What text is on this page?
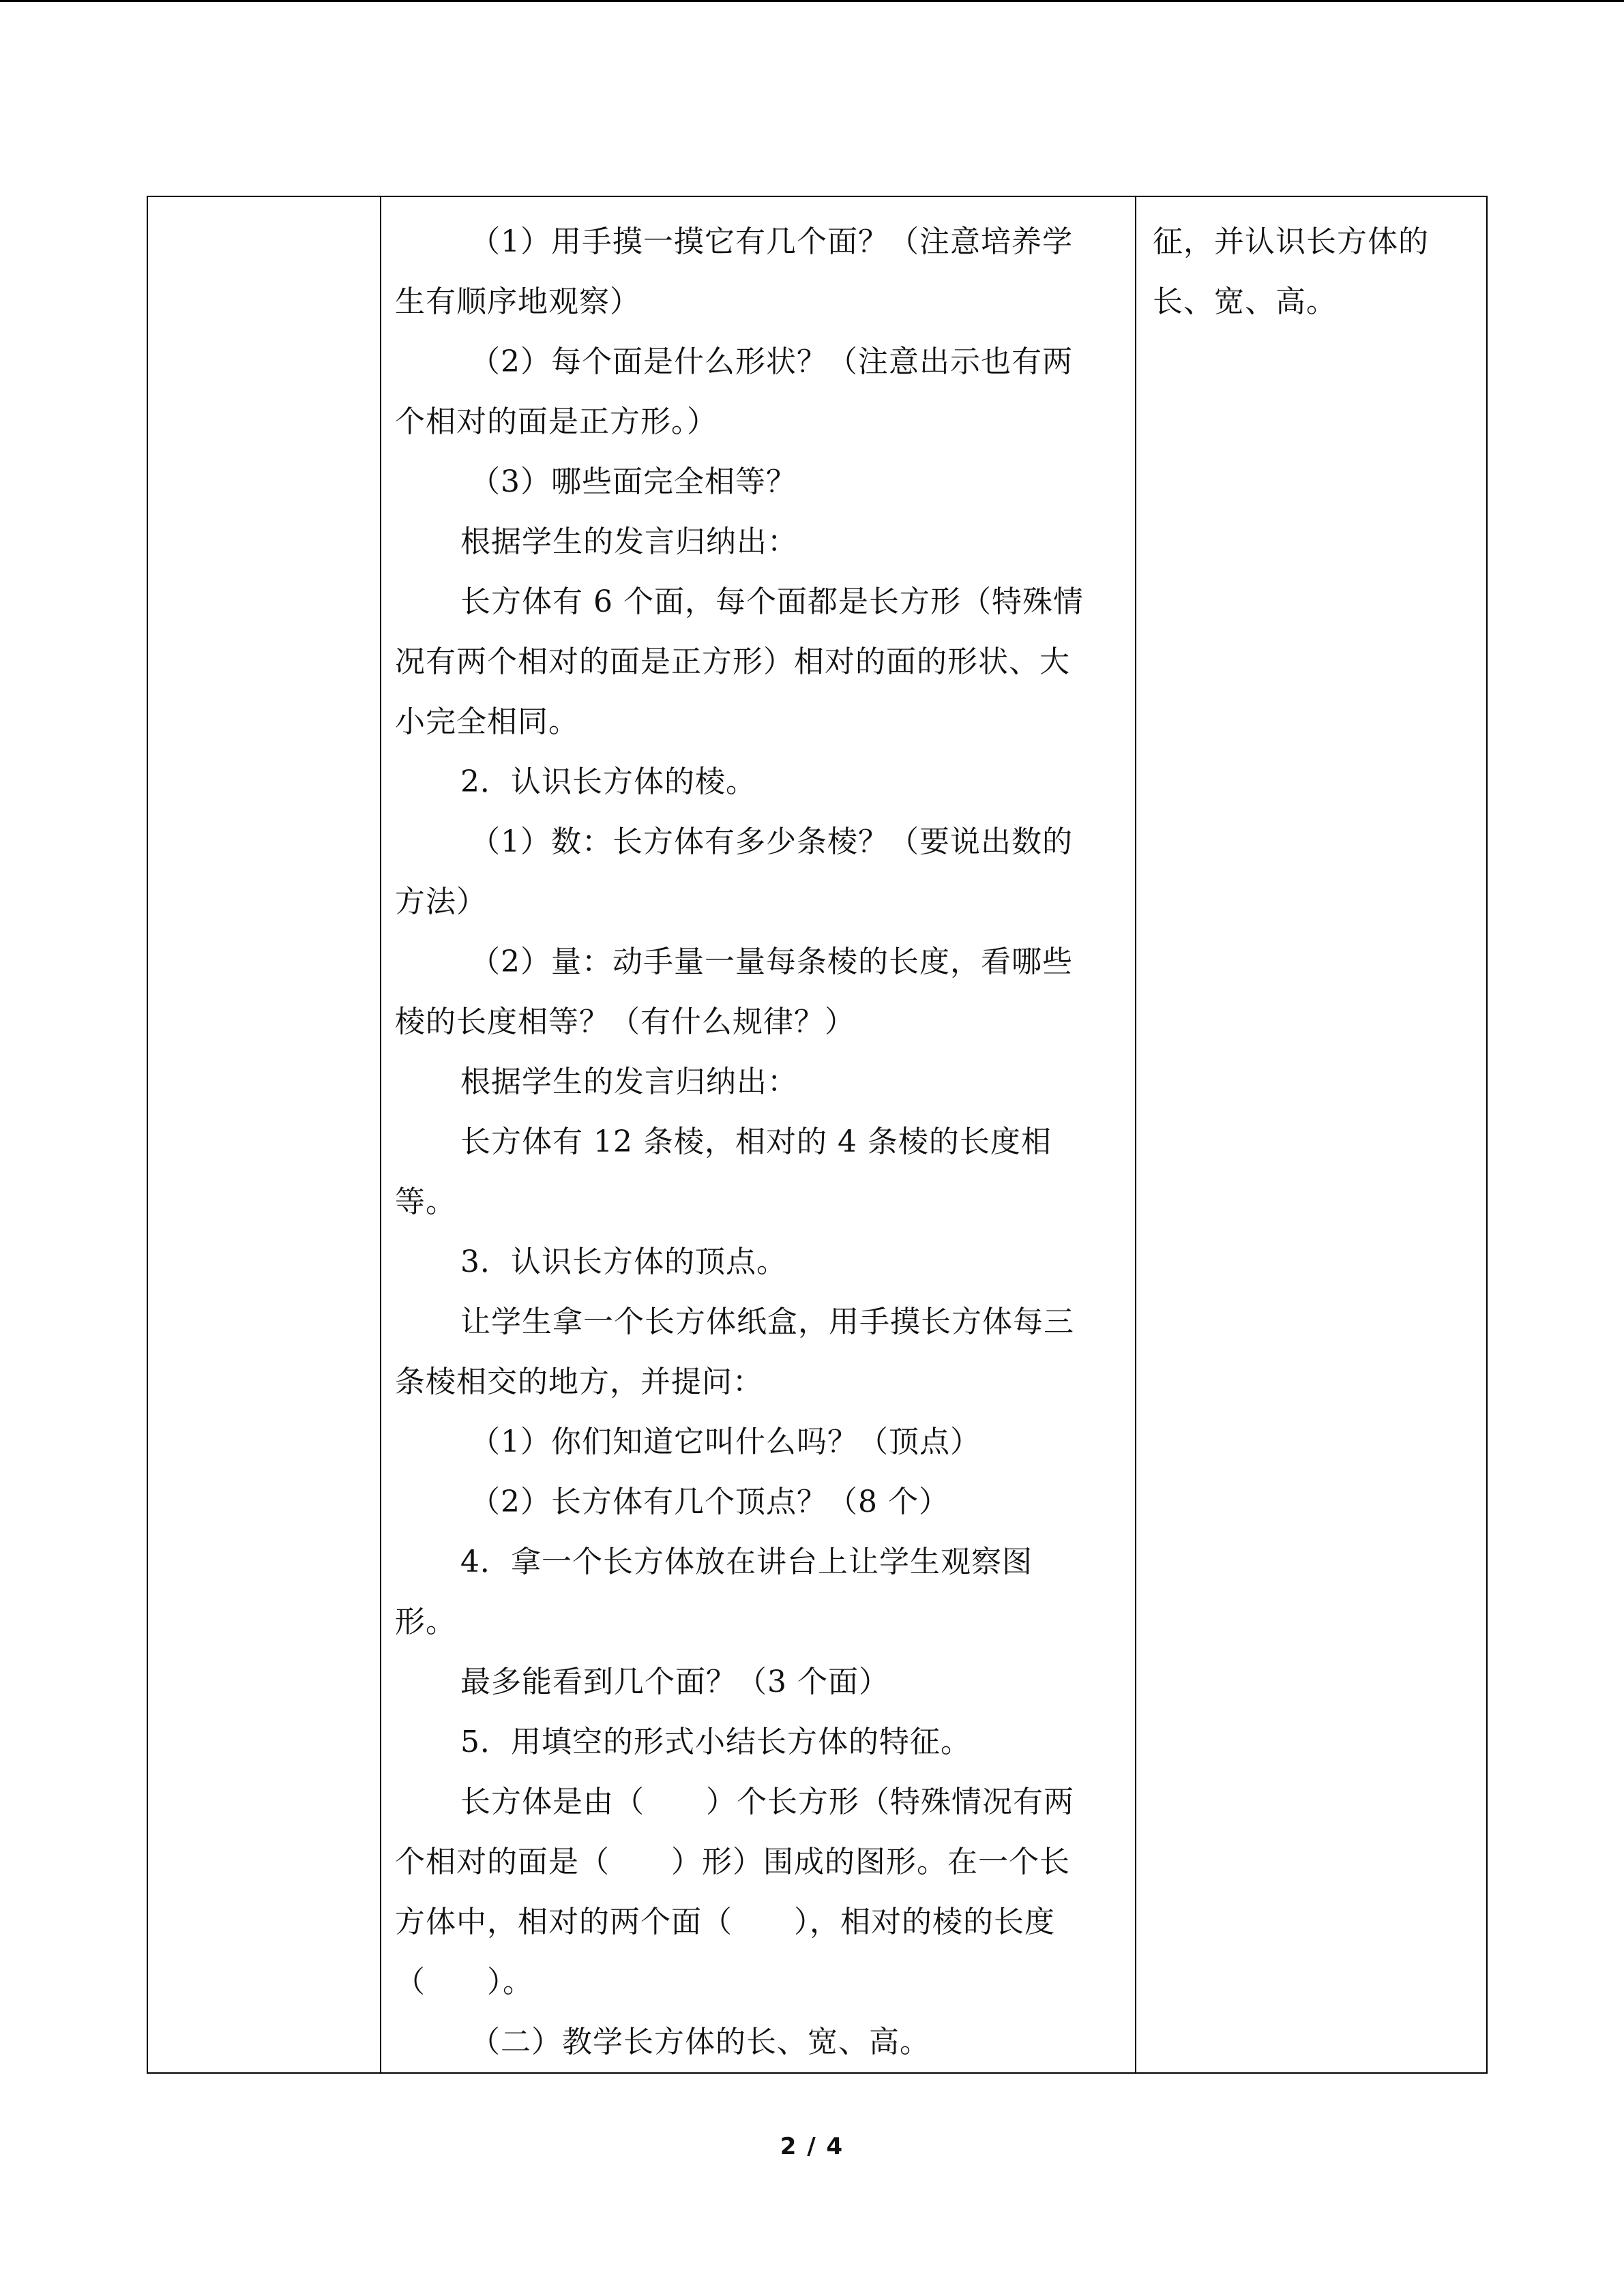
（1）用手摸一摸它有几个面？（注意培养学
生有顺序地观察）
（2）每个面是什么形状？（注意出示也有两
个相对的面是正方形。）
（3）哪些面完全相等？
根据学生的发言归纳出：
长方体有 6 个面，每个面都是长方形（特殊情
况有两个相对的面是正方形）相对的面的形状、大
小完全相同。
2．认识长方体的棱。
（1）数：长方体有多少条棱？（要说出数的
方法）
（2）量：动手量一量每条棱的长度，看哪些
棱的长度相等？（有什么规律？）
根据学生的发言归纳出：
长方体有 12 条棱，相对的 4 条棱的长度相
等。
3．认识长方体的顶点。
让学生拿一个长方体纸盒，用手摸长方体每三
条棱相交的地方，并提问：
（1）你们知道它叫什么吗？（顶点）
（2）长方体有几个顶点？（8 个）
4．拿一个长方体放在讲台上让学生观察图
形。
最多能看到几个面？（3 个面）
5．用填空的形式小结长方体的特征。
长方体是由（　　）个长方形（特殊情况有两
个相对的面是（　　）形）围成的图形。在一个长
方体中，相对的两个面（　　），相对的棱的长度
（　　）。
（二）教学长方体的长、宽、高。

征，并认识长方体的
长、宽、高。
2 / 4
